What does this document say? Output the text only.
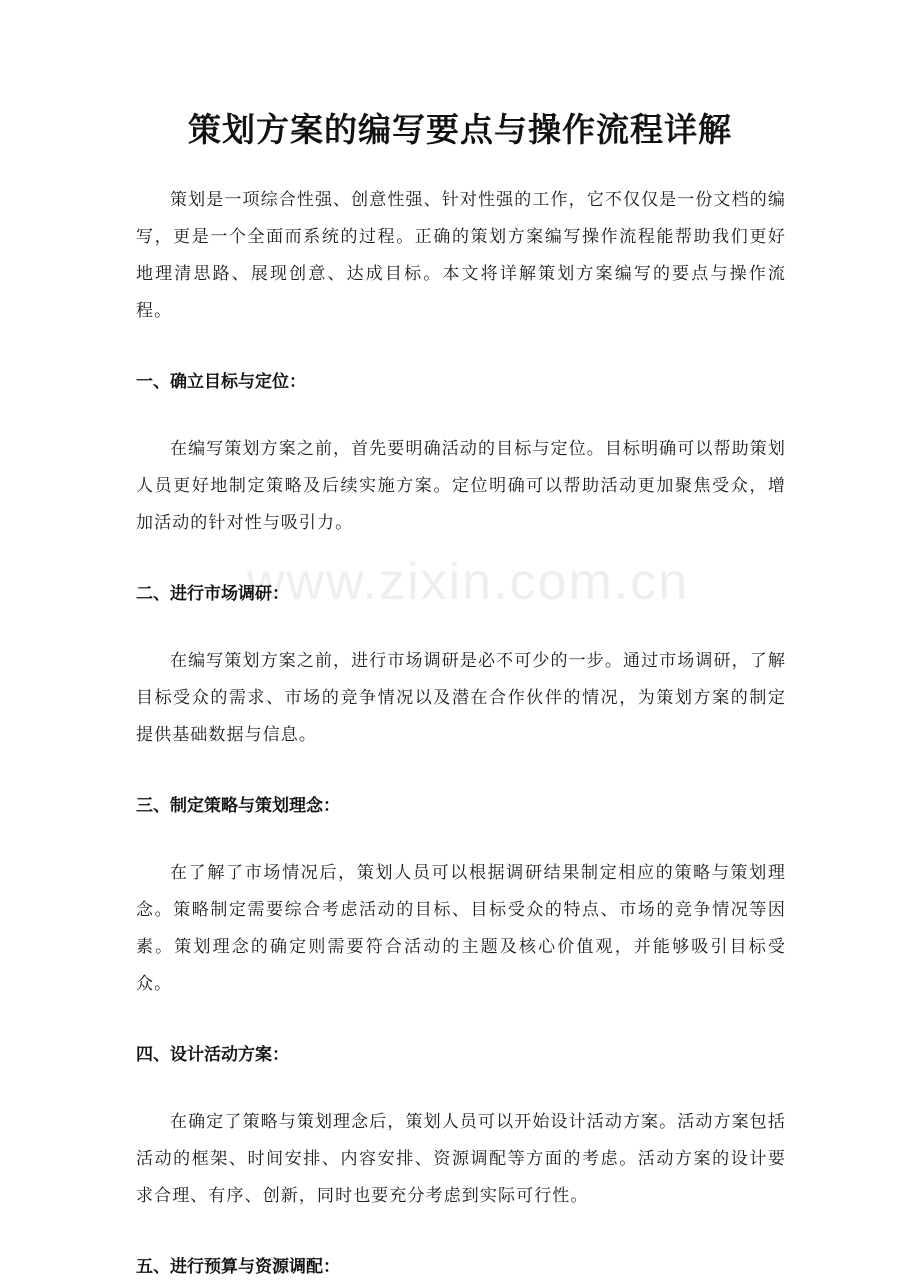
策划方案的编写要点与操作流程详解
www.zixin.com.cn

策划是一项综合性强、创意性强、针对性强的工作，它不仅仅是一份文档的编写，更是一个全面而系统的过程。正确的策划方案编写操作流程能帮助我们更好地理清思路、展现创意、达成目标。本文将详解策划方案编写的要点与操作流程。

一、确立目标与定位：

在编写策划方案之前，首先要明确活动的目标与定位。目标明确可以帮助策划人员更好地制定策略及后续实施方案。定位明确可以帮助活动更加聚焦受众，增加活动的针对性与吸引力。

二、进行市场调研：

在编写策划方案之前，进行市场调研是必不可少的一步。通过市场调研，了解目标受众的需求、市场的竞争情况以及潜在合作伙伴的情况，为策划方案的制定提供基础数据与信息。

三、制定策略与策划理念：

在了解了市场情况后，策划人员可以根据调研结果制定相应的策略与策划理念。策略制定需要综合考虑活动的目标、目标受众的特点、市场的竞争情况等因素。策划理念的确定则需要符合活动的主题及核心价值观，并能够吸引目标受众。

四、设计活动方案：

在确定了策略与策划理念后，策划人员可以开始设计活动方案。活动方案包括活动的框架、时间安排、内容安排、资源调配等方面的考虑。活动方案的设计要求合理、有序、创新，同时也要充分考虑到实际可行性。

五、进行预算与资源调配：
